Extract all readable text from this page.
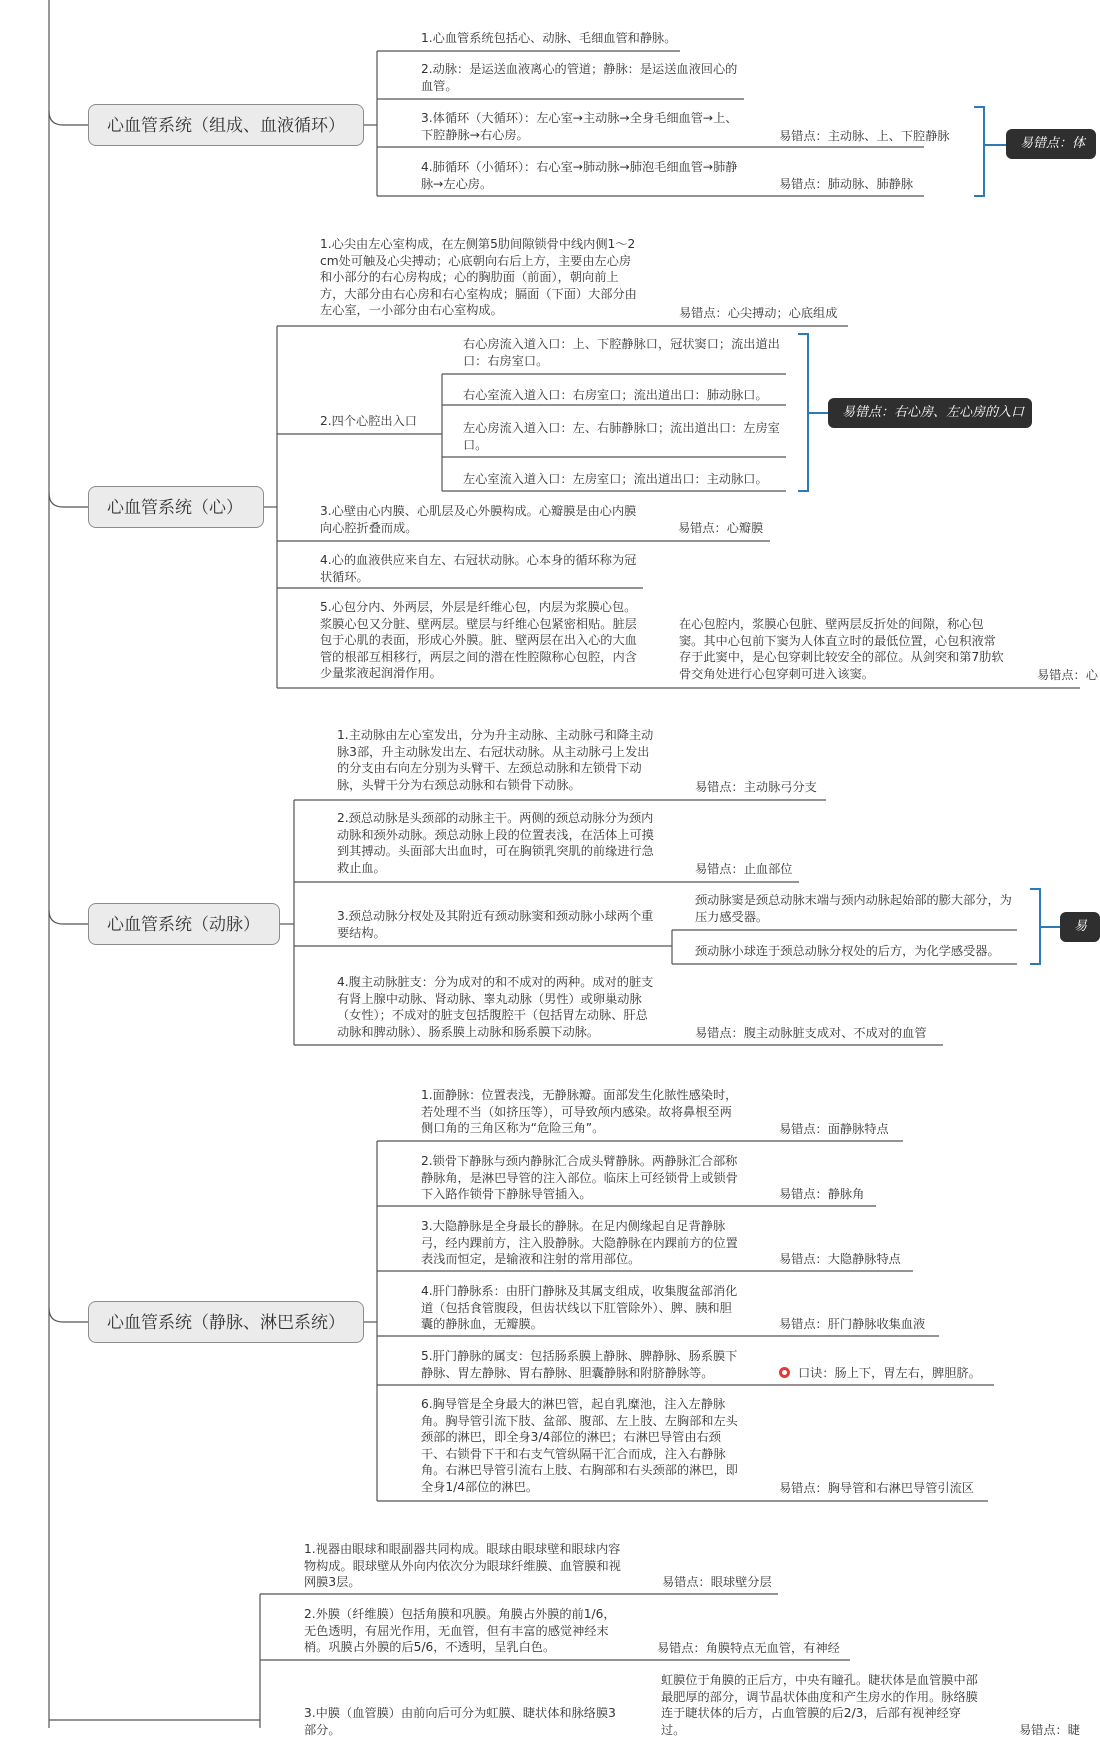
心血管系统（组成、血液循环）
1.心血管系统包括心、动脉、毛细血管和静脉。
2.动脉：是运送血液离心的管道；静脉：是运送血液回心的血管。
3.体循环（大循环）：左心室→主动脉→全身毛细血管→上、下腔静脉→右心房。
4.肺循环（小循环）：右心室→肺动脉→肺泡毛细血管→肺静脉→左心房。
易错点：主动脉、上、下腔静脉
易错点：肺动脉、肺静脉
易错点：体
心血管系统（心）
1.心尖由左心室构成，在左侧第5肋间隙锁骨中线内侧1～2cm处可触及心尖搏动；心底朝向右后上方，主要由左心房和小部分的右心房构成；心的胸肋面（前面），朝向前上方，大部分由右心房和右心室构成；膈面（下面）大部分由左心室，一小部分由右心室构成。	易错点：心尖搏动；心底组成
2.四个心腔出入口
右心房流入道入口：上、下腔静脉口，冠状窦口；流出道出口：右房室口。
右心室流入道入口：右房室口；流出道出口：肺动脉口。
左心房流入道入口：左、右肺静脉口；流出道出口：左房室口。
左心室流入道入口：左房室口；流出道出口：主动脉口。
易错点：右心房、左心房的入口
3.心壁由心内膜、心肌层及心外膜构成。心瓣膜是由心内膜向心腔折叠而成。	易错点：心瓣膜
4.心的血液供应来自左、右冠状动脉。心本身的循环称为冠状循环。
5.心包分内、外两层，外层是纤维心包，内层为浆膜心包。浆膜心包又分脏、壁两层。壁层与纤维心包紧密相贴。脏层包于心肌的表面，形成心外膜。脏、壁两层在出入心的大血管的根部互相移行，两层之间的潜在性腔隙称心包腔，内含少量浆液起润滑作用。
在心包腔内，浆膜心包脏、壁两层反折处的间隙，称心包窦。其中心包前下窦为人体直立时的最低位置，心包积液常存于此窦中，是心包穿刺比较安全的部位。从剑突和第7肋软骨交角处进行心包穿刺可进入该窦。	易错点：心
心血管系统（动脉）
1.主动脉由左心室发出，分为升主动脉、主动脉弓和降主动脉3部，升主动脉发出左、右冠状动脉。从主动脉弓上发出的分支由右向左分别为头臂干、左颈总动脉和左锁骨下动脉，头臂干分为右颈总动脉和右锁骨下动脉。	易错点：主动脉弓分支
2.颈总动脉是头颈部的动脉主干。两侧的颈总动脉分为颈内动脉和颈外动脉。颈总动脉上段的位置表浅，在活体上可摸到其搏动。头面部大出血时，可在胸锁乳突肌的前缘进行急救止血。	易错点：止血部位
3.颈总动脉分杈处及其附近有颈动脉窦和颈动脉小球两个重要结构。
颈动脉窦是颈总动脉末端与颈内动脉起始部的膨大部分，为压力感受器。
颈动脉小球连于颈总动脉分杈处的后方，为化学感受器。
易
4.腹主动脉脏支：分为成对的和不成对的两种。成对的脏支有肾上腺中动脉、肾动脉、睾丸动脉（男性）或卵巢动脉（女性）；不成对的脏支包括腹腔干（包括胃左动脉、肝总动脉和脾动脉）、肠系膜上动脉和肠系膜下动脉。	易错点：腹主动脉脏支成对、不成对的血管
心血管系统（静脉、淋巴系统）
1.面静脉：位置表浅，无静脉瓣。面部发生化脓性感染时，若处理不当（如挤压等），可导致颅内感染。故将鼻根至两侧口角的三角区称为“危险三角”。	易错点：面静脉特点
2.锁骨下静脉与颈内静脉汇合成头臂静脉。两静脉汇合部称静脉角，是淋巴导管的注入部位。临床上可经锁骨上或锁骨下入路作锁骨下静脉导管插入。	易错点：静脉角
3.大隐静脉是全身最长的静脉。在足内侧缘起自足背静脉弓，经内踝前方，注入股静脉。大隐静脉在内踝前方的位置表浅而恒定，是输液和注射的常用部位。	易错点：大隐静脉特点
4.肝门静脉系：由肝门静脉及其属支组成，收集腹盆部消化道（包括食管腹段，但齿状线以下肛管除外）、脾、胰和胆囊的静脉血，无瓣膜。	易错点：肝门静脉收集血液
5.肝门静脉的属支：包括肠系膜上静脉、脾静脉、肠系膜下静脉、胃左静脉、胃右静脉、胆囊静脉和附脐静脉等。	口诀：肠上下，胃左右，脾胆脐。
6.胸导管是全身最大的淋巴管，起自乳糜池，注入左静脉角。胸导管引流下肢、盆部、腹部、左上肢、左胸部和左头颈部的淋巴，即全身3/4部位的淋巴；右淋巴导管由右颈干、右锁骨下干和右支气管纵隔干汇合而成，注入右静脉角。右淋巴导管引流右上肢、右胸部和右头颈部的淋巴，即全身1/4部位的淋巴。	易错点：胸导管和右淋巴导管引流区
1.视器由眼球和眼副器共同构成。眼球由眼球壁和眼球内容物构成。眼球壁从外向内依次分为眼球纤维膜、血管膜和视网膜3层。	易错点：眼球壁分层
2.外膜（纤维膜）包括角膜和巩膜。角膜占外膜的前1/6，无色透明，有屈光作用，无血管，但有丰富的感觉神经末梢。巩膜占外膜的后5/6，不透明，呈乳白色。	易错点：角膜特点无血管，有神经
3.中膜（血管膜）由前向后可分为虹膜、睫状体和脉络膜3部分。
虹膜位于角膜的正后方，中央有瞳孔。睫状体是血管膜中部最肥厚的部分，调节晶状体曲度和产生房水的作用。脉络膜连于睫状体的后方，占血管膜的后2/3，后部有视神经穿过。	易错点：睫
